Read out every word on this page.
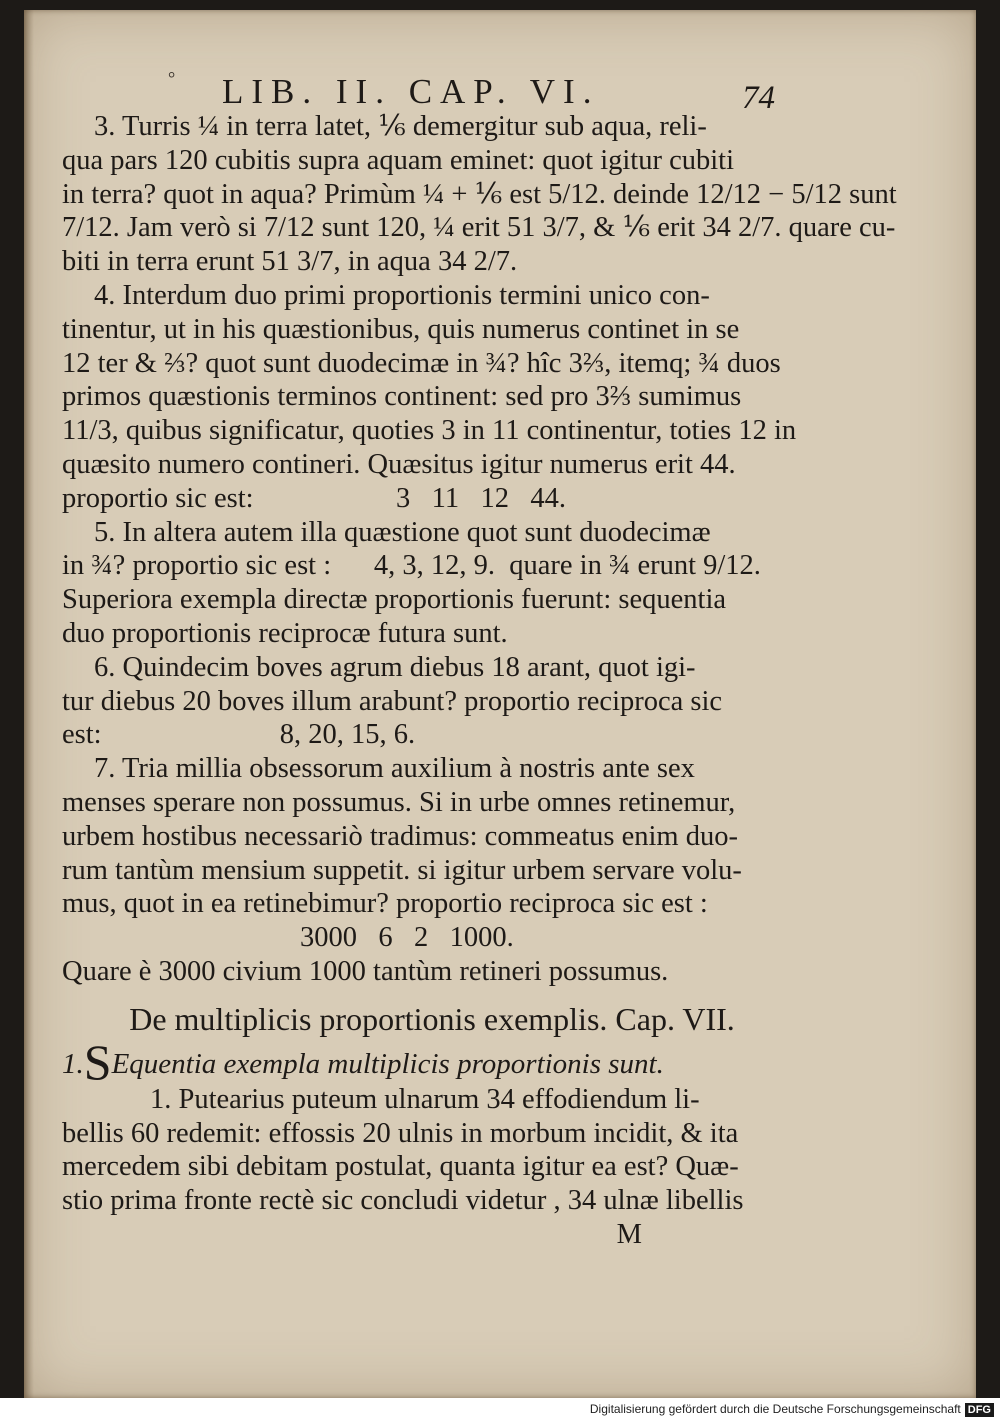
° LIB. II. CAP. VI.	74
3. Turris ¼ in terra latet, ⅙ demergitur sub aqua, reli-
qua pars 120 cubitis supra aquam eminet: quot igitur cubiti
in terra? quot in aqua? Primùm ¼ + ⅙ est 5/12. deinde 12/12 − 5/12 sunt
7/12. Jam verò si 7/12 sunt 120, ¼ erit 51 3/7, & ⅙ erit 34 2/7. quare cu-
biti in terra erunt 51 3/7, in aqua 34 2/7.
4. Interdum duo primi proportionis termini unico con-
tinentur, ut in his quæstionibus, quis numerus continet in se
12 ter & ⅔? quot sunt duodecimæ in ¾? hîc 3⅔, itemq; ¾ duos
primos quæstionis terminos continent: sed pro 3⅔ sumimus
11/3, quibus significatur, quoties 3 in 11 continentur, toties 12 in
quæsito numero contineri. Quæsitus igitur numerus erit 44.
proportio sic est:                    3   11   12   44.
5. In altera autem illa quæstione quot sunt duodecimæ
in ¾? proportio sic est :      4, 3, 12, 9.  quare in ¾ erunt 9/12.
Superiora exempla directæ proportionis fuerunt: sequentia
duo proportionis reciprocæ futura sunt.
6. Quindecim boves agrum diebus 18 arant, quot igi-
tur diebus 20 boves illum arabunt? proportio reciproca sic
est:                         8, 20, 15, 6.
7. Tria millia obsessorum auxilium à nostris ante sex
menses sperare non possumus. Si in urbe omnes retinemur,
urbem hostibus necessariò tradimus: commeatus enim duo-
rum tantùm mensium suppetit. si igitur urbem servare volu-
mus, quot in ea retinebimur? proportio reciproca sic est :
3000   6   2   1000.
Quare è 3000 civium 1000 tantùm retineri possumus.
De multiplicis proportionis exemplis. Cap. VII.
1.SEquentia exempla multiplicis proportionis sunt.
1. Putearius puteum ulnarum 34 effodiendum li-
bellis 60 redemit: effossis 20 ulnis in morbum incidit, & ita
mercedem sibi debitam postulat, quanta igitur ea est? Quæ-
stio prima fronte rectè sic concludi videtur , 34 ulnæ libellis
M
Digitalisierung gefördert durch die Deutsche Forschungsgemeinschaft DFG
